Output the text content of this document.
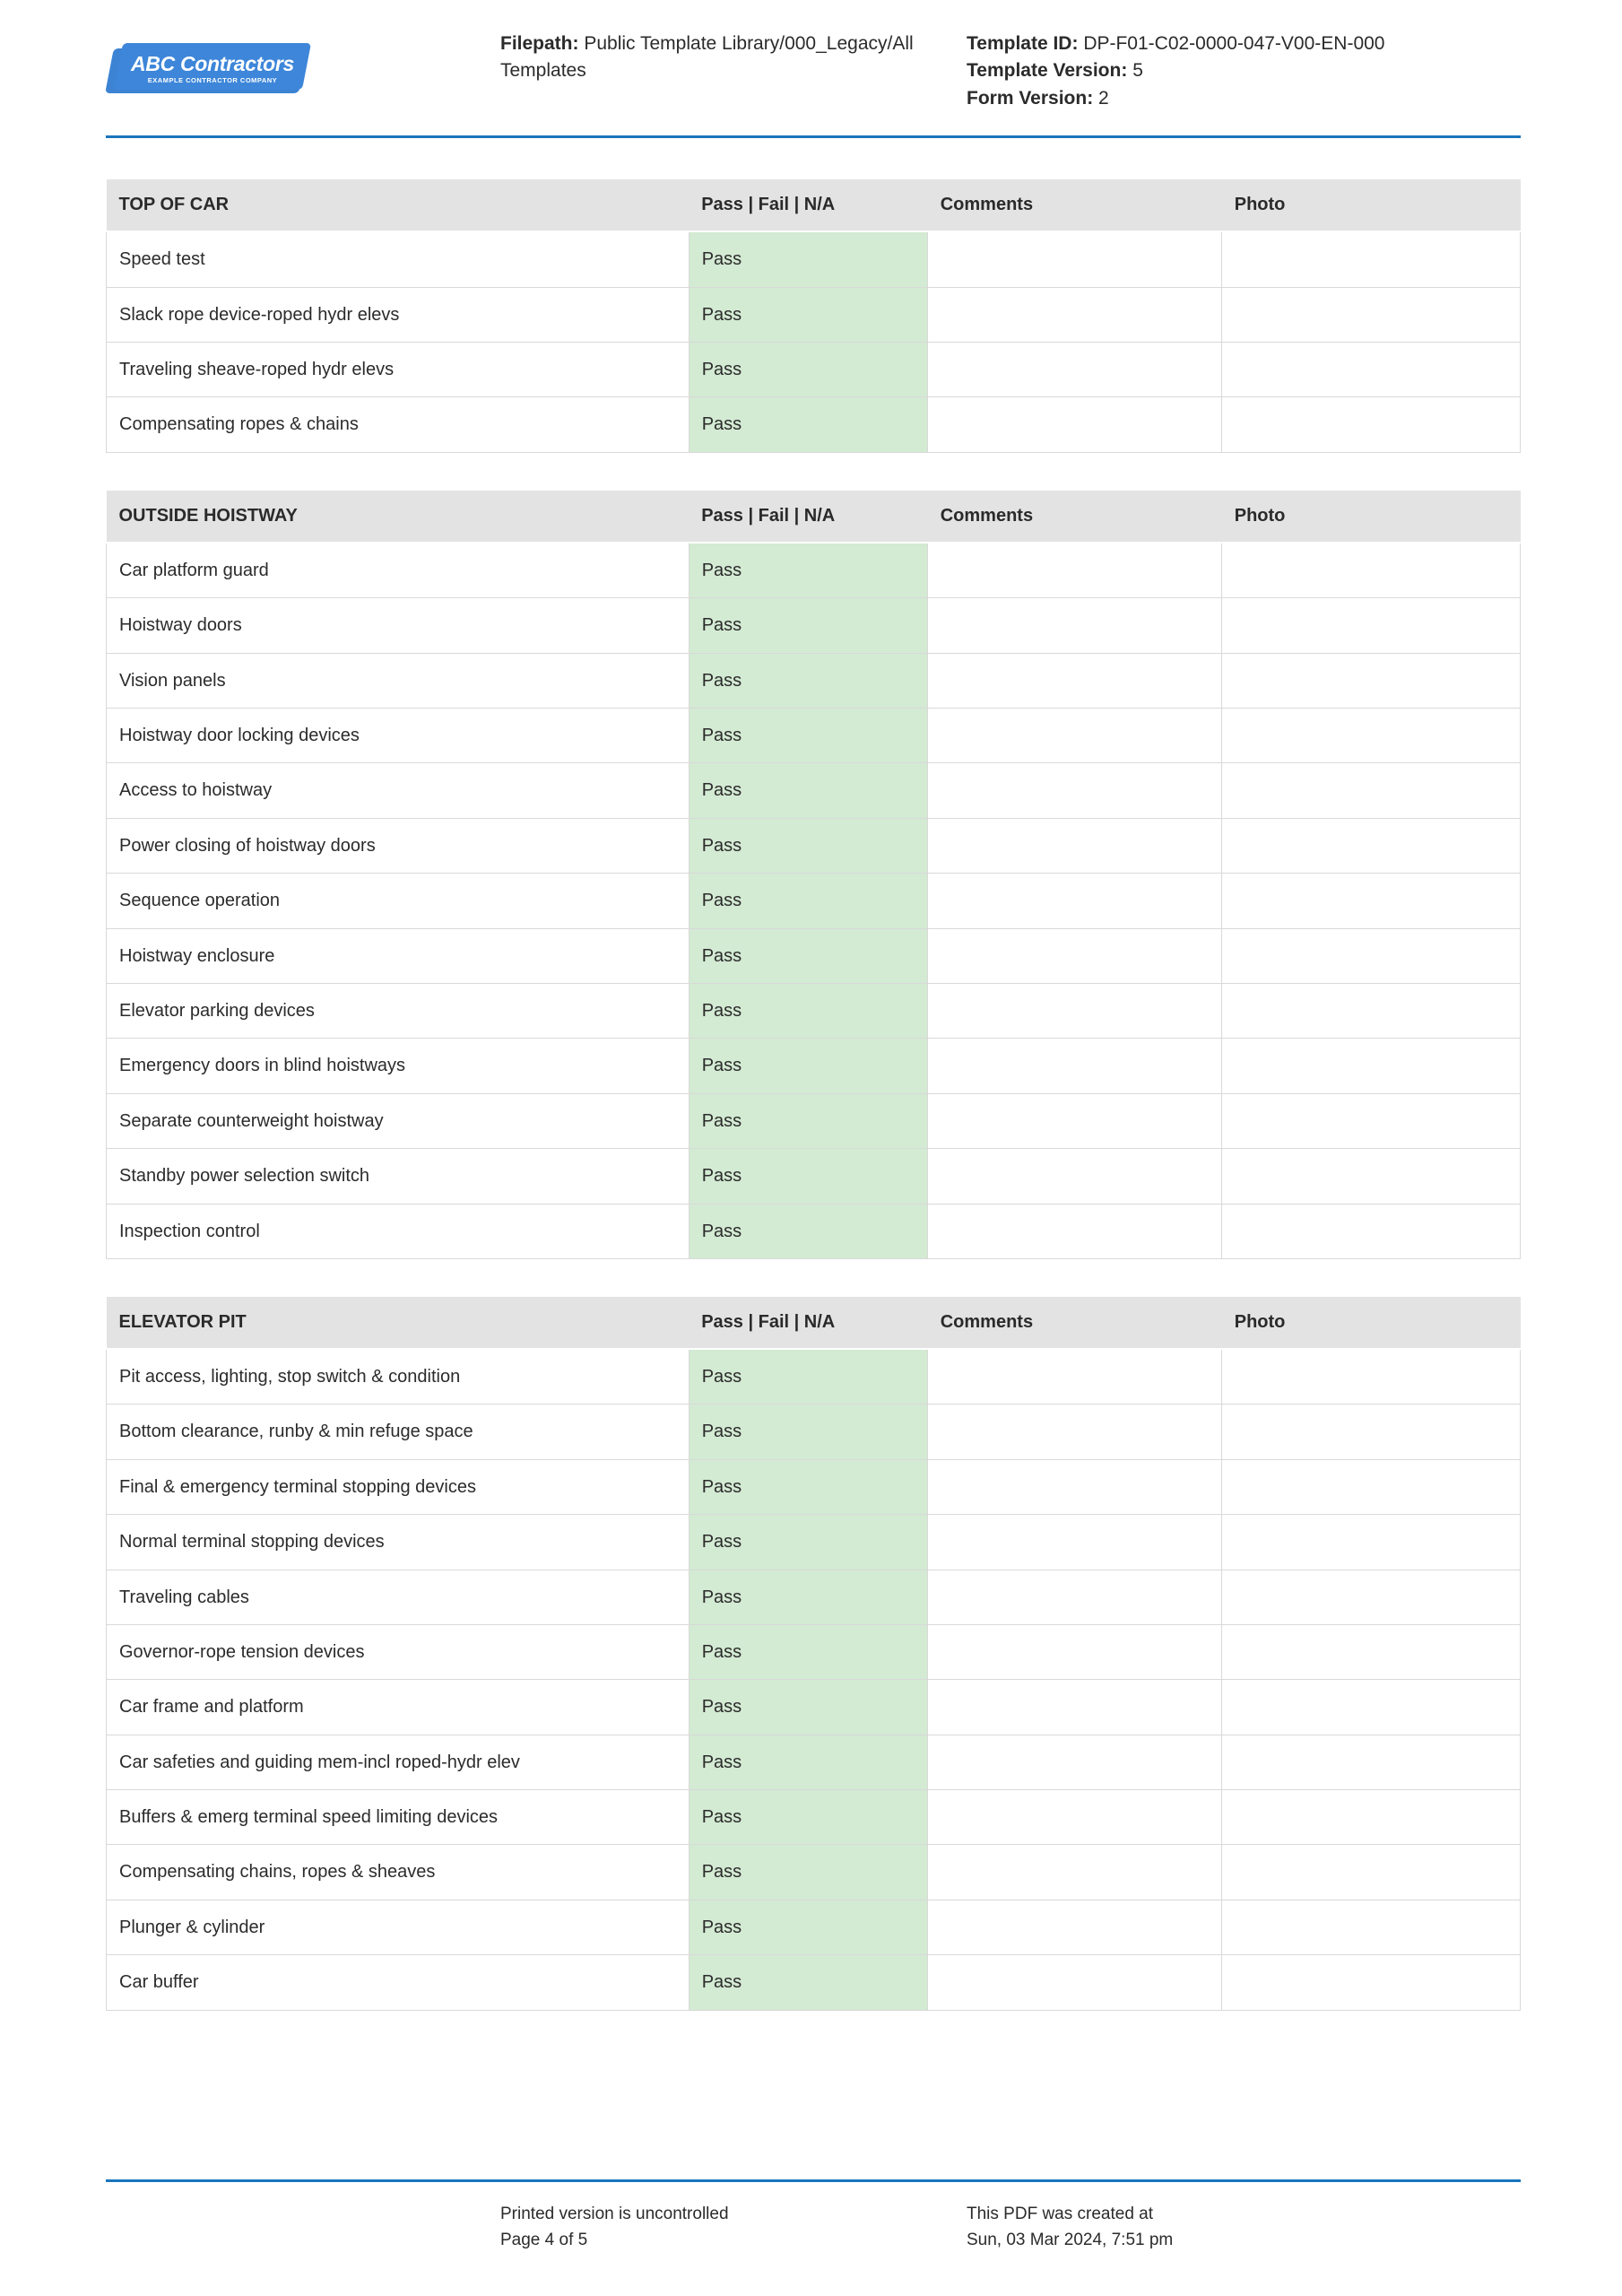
ABC Contractors
EXAMPLE CONTRACTOR COMPANY
Filepath: Public Template Library/000_Legacy/All Templates
Template ID: DP-F01-C02-0000-047-V00-EN-000
Template Version: 5
Form Version: 2
TOP OF CAR	Pass | Fail | N/A	Comments	Photo
Speed test	Pass		
Slack rope device-roped hydr elevs	Pass		
Traveling sheave-roped hydr elevs	Pass		
Compensating ropes & chains	Pass		
OUTSIDE HOISTWAY	Pass | Fail | N/A	Comments	Photo
Car platform guard	Pass		
Hoistway doors	Pass		
Vision panels	Pass		
Hoistway door locking devices	Pass		
Access to hoistway	Pass		
Power closing of hoistway doors	Pass		
Sequence operation	Pass		
Hoistway enclosure	Pass		
Elevator parking devices	Pass		
Emergency doors in blind hoistways	Pass		
Separate counterweight hoistway	Pass		
Standby power selection switch	Pass		
Inspection control	Pass		
ELEVATOR PIT	Pass | Fail | N/A	Comments	Photo
Pit access, lighting, stop switch & condition	Pass		
Bottom clearance, runby & min refuge space	Pass		
Final & emergency terminal stopping devices	Pass		
Normal terminal stopping devices	Pass		
Traveling cables	Pass		
Governor-rope tension devices	Pass		
Car frame and platform	Pass		
Car safeties and guiding mem-incl roped-hydr elev	Pass		
Buffers & emerg terminal speed limiting devices	Pass		
Compensating chains, ropes & sheaves	Pass		
Plunger & cylinder	Pass		
Car buffer	Pass		
Printed version is uncontrolled
Page 4 of 5
This PDF was created at
Sun, 03 Mar 2024, 7:51 pm
